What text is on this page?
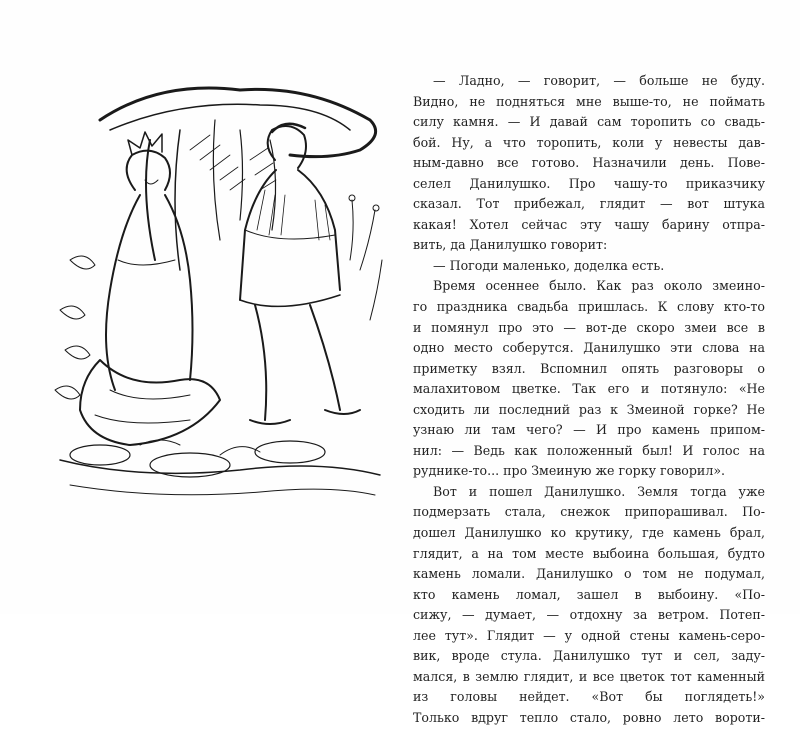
— Ладно, — говорит, — больше не буду.
Видно, не подняться мне выше-то, не поймать
силу камня. — И давай сам торопить со свадь-
бой. Ну, а что торопить, коли у невесты дав-
ным-давно все готово. Назначили день. Пове-
селел Данилушко. Про чашу-то приказчику
сказал. Тот прибежал, глядит — вот штука
какая! Хотел сейчас эту чашу барину отпра-
вить, да Данилушко говорит:
— Погоди маленько, доделка есть.
Время осеннее было. Как раз около змеино-
го праздника свадьба пришлась. К слову кто-то
и помянул про это — вот-де скоро змеи все в
одно место соберутся. Данилушко эти слова на
приметку взял. Вспомнил опять разговоры о
малахитовом цветке. Так его и потянуло: «Не
сходить ли последний раз к Змеиной горке? Не
узнаю ли там чего? — И про камень припом-
нил: — Ведь как положенный был! И голос на
руднике-то... про Змеиную же горку говорил».
Вот и пошел Данилушко. Земля тогда уже
подмерзать стала, снежок припорашивал. По-
дошел Данилушко ко крутику, где камень брал,
глядит, а на том месте выбоина большая, будто
камень ломали. Данилушко о том не подумал,
кто камень ломал, зашел в выбоину. «По-
сижу, — думает, — отдохну за ветром. Потеп-
лее тут». Глядит — у одной стены камень-серо-
вик, вроде стула. Данилушко тут и сел, заду-
мался, в землю глядит, и все цветок тот каменный
из головы нейдет. «Вот бы поглядеть!»
Только вдруг тепло стало, ровно лето вороти-
